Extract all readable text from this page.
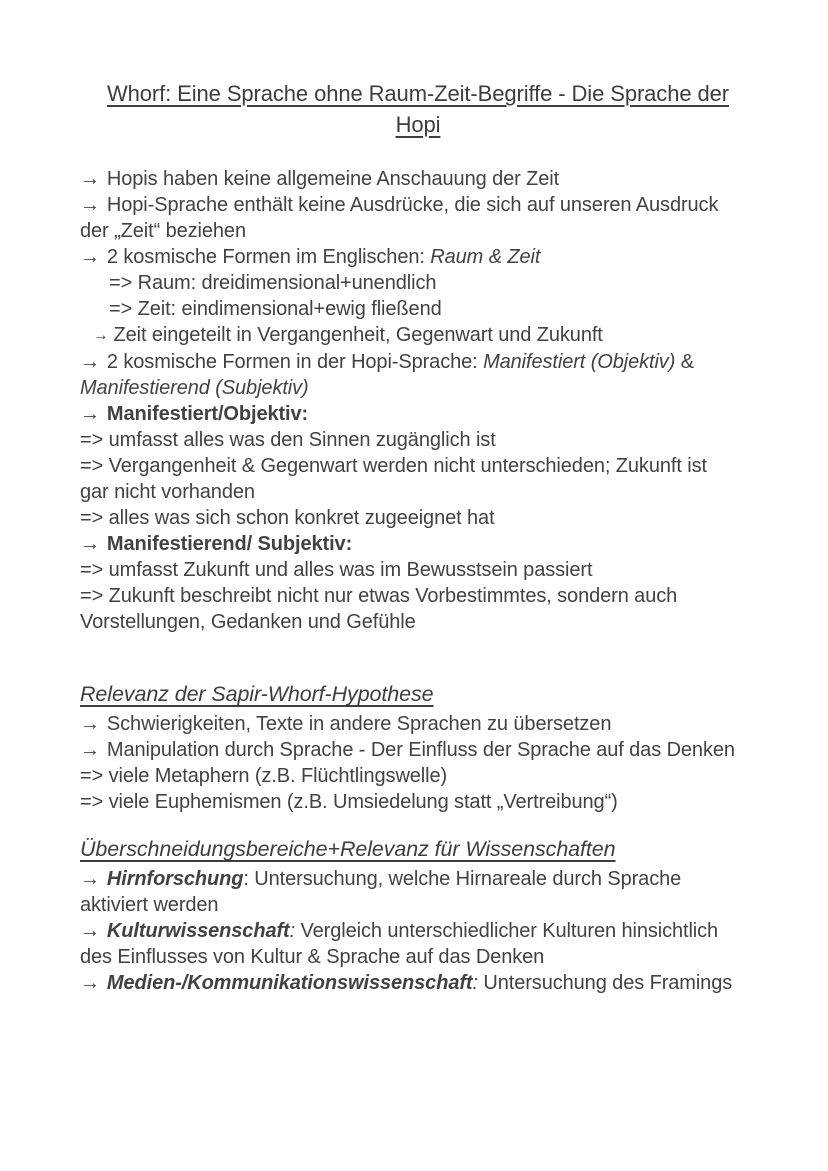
Whorf: Eine Sprache ohne Raum-Zeit-Begriffe - Die Sprache der
Hopi
→ Hopis haben keine allgemeine Anschauung der Zeit
→ Hopi-Sprache enthält keine Ausdrücke, die sich auf unseren Ausdruck
der „Zeit“ beziehen
→ 2 kosmische Formen im Englischen: Raum & Zeit
=> Raum: dreidimensional+unendlich
=> Zeit: eindimensional+ewig fließend
→ Zeit eingeteilt in Vergangenheit, Gegenwart und Zukunft
→ 2 kosmische Formen in der Hopi-Sprache: Manifestiert (Objektiv) &
Manifestierend (Subjektiv)
→ Manifestiert/Objektiv:
=> umfasst alles was den Sinnen zugänglich ist
=> Vergangenheit & Gegenwart werden nicht unterschieden; Zukunft ist
gar nicht vorhanden
=> alles was sich schon konkret zugeeignet hat
→ Manifestierend/ Subjektiv:
=> umfasst Zukunft und alles was im Bewusstsein passiert
=> Zukunft beschreibt nicht nur etwas Vorbestimmtes, sondern auch
Vorstellungen, Gedanken und Gefühle
Relevanz der Sapir-Whorf-Hypothese
→ Schwierigkeiten, Texte in andere Sprachen zu übersetzen
→ Manipulation durch Sprache - Der Einfluss der Sprache auf das Denken
=> viele Metaphern (z.B. Flüchtlingswelle)
=> viele Euphemismen (z.B. Umsiedelung statt „Vertreibung“)
Überschneidungsbereiche+Relevanz für Wissenschaften
→ Hirnforschung: Untersuchung, welche Hirnareale durch Sprache
aktiviert werden
→ Kulturwissenschaft: Vergleich unterschiedlicher Kulturen hinsichtlich
des Einflusses von Kultur & Sprache auf das Denken
→ Medien-/Kommunikationswissenschaft: Untersuchung des Framings
